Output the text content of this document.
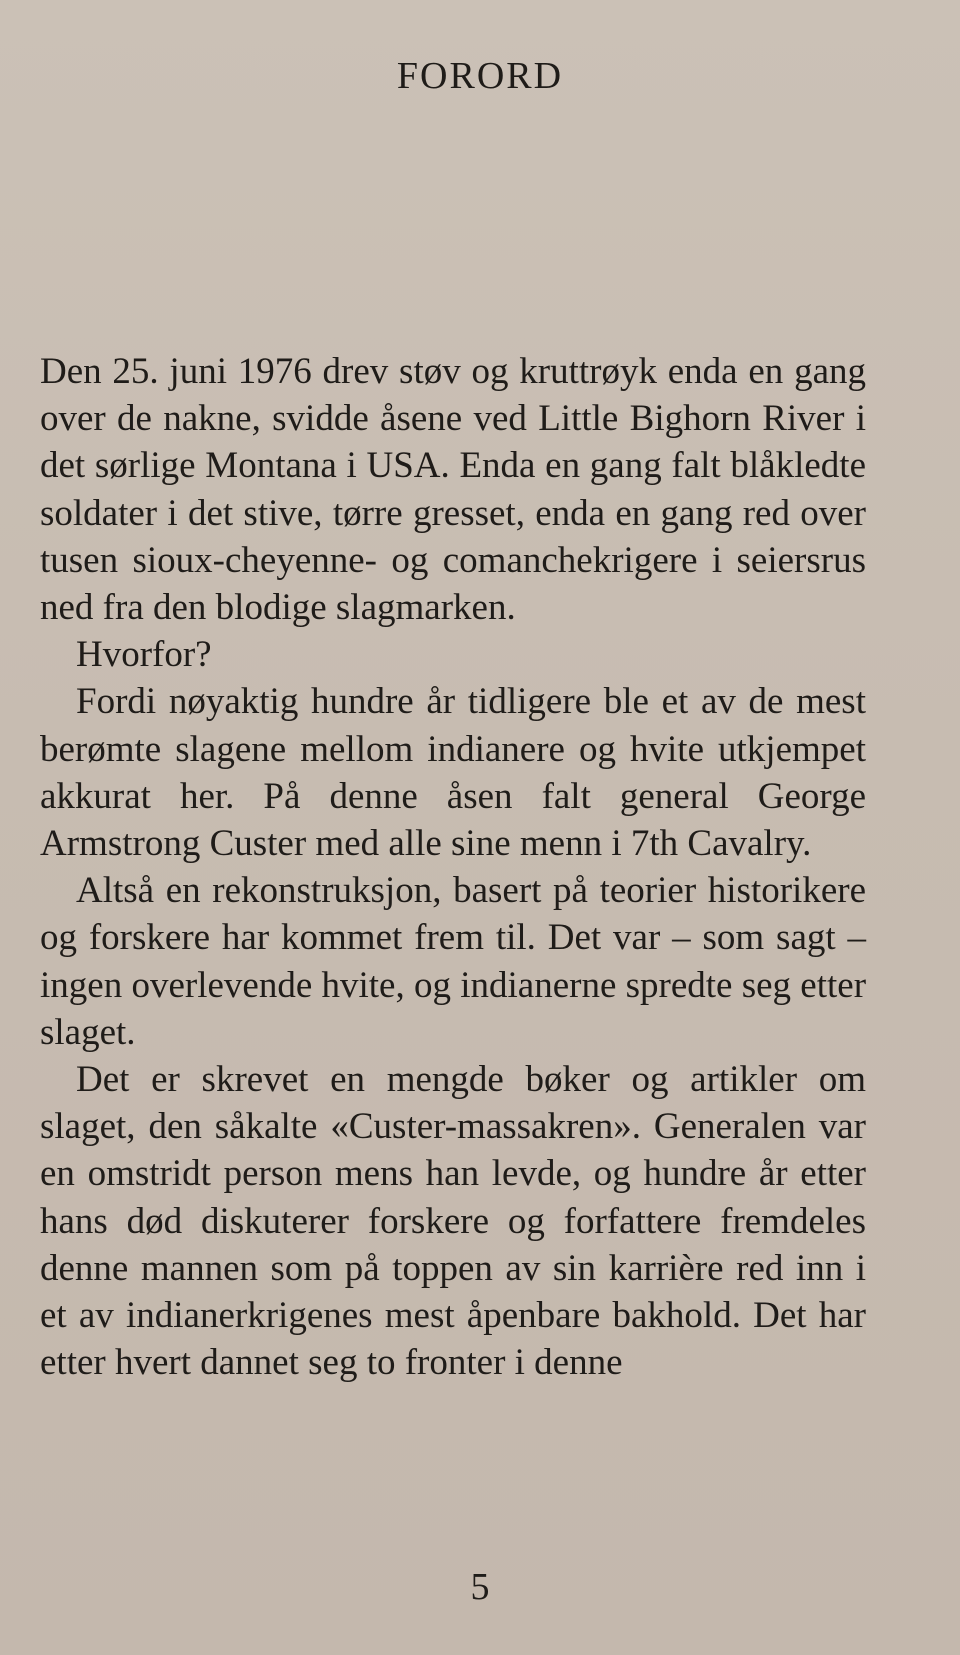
FORORD

Den 25. juni 1976 drev støv og kruttrøyk enda en gang over de nakne, svidde åsene ved Little Bighorn River i det sørlige Montana i USA. Enda en gang falt blåkledte soldater i det stive, tørre gresset, enda en gang red over tusen sioux-cheyenne- og comanchekrigere i seiersrus ned fra den blodige slagmarken.

Hvorfor?

Fordi nøyaktig hundre år tidligere ble et av de mest berømte slagene mellom indianere og hvite utkjempet akkurat her. På denne åsen falt general George Armstrong Custer med alle sine menn i 7th Cavalry.

Altså en rekonstruksjon, basert på teorier historikere og forskere har kommet frem til. Det var – som sagt – ingen overlevende hvite, og indianerne spredte seg etter slaget.

Det er skrevet en mengde bøker og artikler om slaget, den såkalte «Custer-massakren». Generalen var en omstridt person mens han levde, og hundre år etter hans død diskuterer forskere og forfattere fremdeles denne mannen som på toppen av sin karrière red inn i et av indianerkrigenes mest åpenbare bakhold. Det har etter hvert dannet seg to fronter i denne

5
